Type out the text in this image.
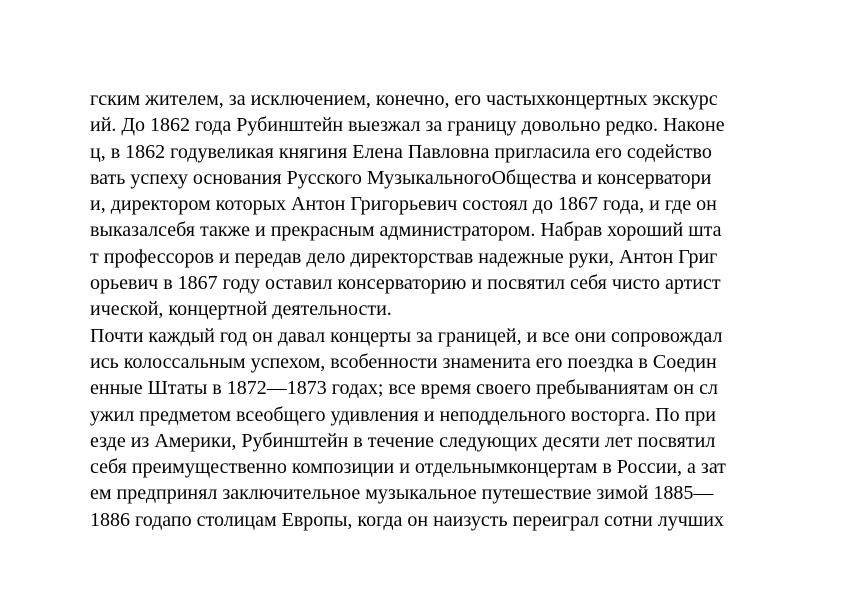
гским жителем, за исключением, конечно, его частыхконцертных экскурс
ий. До 1862 года Рубинштейн выезжал за границу довольно редко. Наконе
ц, в 1862 годувеликая княгиня Елена Павловна пригласила его содейство
вать успеху основания Русского МузыкальногоОбщества и консерватори
и, директором которых Антон Григорьевич состоял до 1867 года, и где он
выказалсебя также и прекрасным администратором. Набрав хороший шта
т профессоров и передав дело директорствав надежные руки, Антон Григ
орьевич в 1867 году оставил консерваторию и посвятил себя чисто артист
ической, концертной деятельности.
Почти каждый год он давал концерты за границей, и все они сопровождал
ись колоссальным успехом, всобенности знаменита его поездка в Соедин
енные Штаты в 1872—1873 годах; все время своего пребываниятам он сл
ужил предметом всеобщего удивления и неподдельного восторга. По при
езде из Америки, Рубинштейн в течение следующих десяти лет посвятил
себя преимущественно композиции и отдельнымконцертам в России, а зат
ем предпринял заключительное музыкальное путешествие зимой 1885—
1886 годапо столицам Европы, когда он наизусть переиграл сотни лучших
